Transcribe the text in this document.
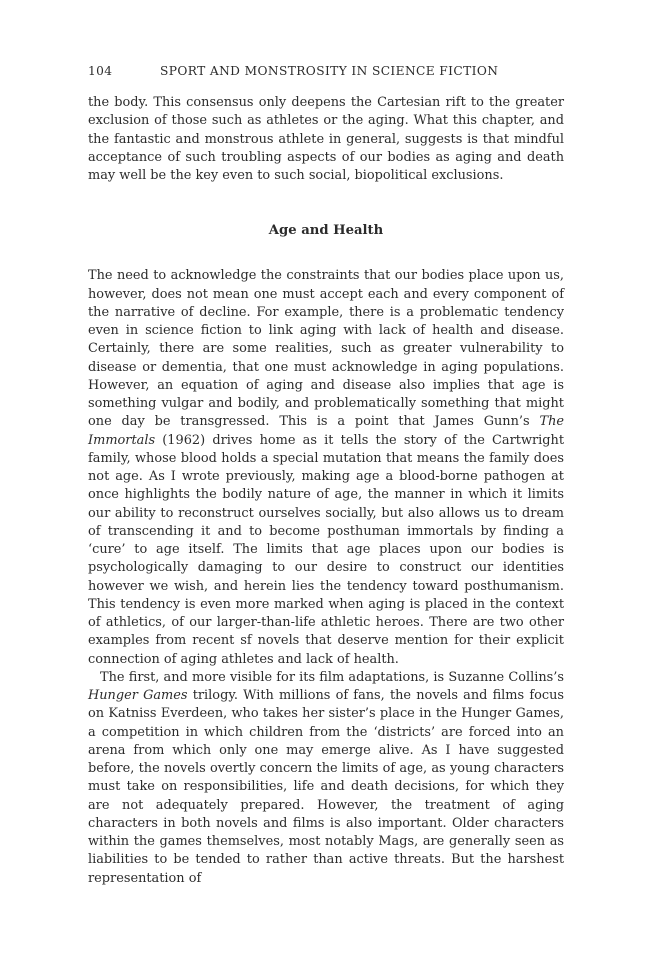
104	SPORT AND MONSTROSITY IN SCIENCE FICTION

the body. This consensus only deepens the Cartesian rift to the greater exclusion of those such as athletes or the aging. What this chapter, and the fantastic and monstrous athlete in general, suggests is that mindful acceptance of such troubling aspects of our bodies as aging and death may well be the key even to such social, biopolitical exclusions.

Age and Health

The need to acknowledge the constraints that our bodies place upon us, however, does not mean one must accept each and every component of the narrative of decline. For example, there is a problematic tendency even in science fiction to link aging with lack of health and disease. Certainly, there are some realities, such as greater vulnerability to disease or dementia, that one must acknowledge in aging populations. However, an equation of aging and disease also implies that age is something vulgar and bodily, and problematically something that might one day be transgressed. This is a point that James Gunn’s The Immortals (1962) drives home as it tells the story of the Cartwright family, whose blood holds a special mutation that means the family does not age. As I wrote previously, making age a blood-borne pathogen at once highlights the bodily nature of age, the manner in which it limits our ability to reconstruct ourselves socially, but also allows us to dream of transcending it and to become posthuman immortals by finding a ‘cure’ to age itself. The limits that age places upon our bodies is psychologically damaging to our desire to construct our identities however we wish, and herein lies the tendency toward posthumanism. This tendency is even more marked when aging is placed in the context of athletics, of our larger-than-life athletic heroes. There are two other examples from recent sf novels that deserve mention for their explicit connection of aging athletes and lack of health.

The first, and more visible for its film adaptations, is Suzanne Collins’s Hunger Games trilogy. With millions of fans, the novels and films focus on Katniss Everdeen, who takes her sister’s place in the Hunger Games, a competition in which children from the ‘districts’ are forced into an arena from which only one may emerge alive. As I have suggested before, the novels overtly concern the limits of age, as young characters must take on responsibilities, life and death decisions, for which they are not adequately prepared. However, the treatment of aging characters in both novels and films is also important. Older characters within the games themselves, most notably Mags, are generally seen as liabilities to be tended to rather than active threats. But the harshest representation of
